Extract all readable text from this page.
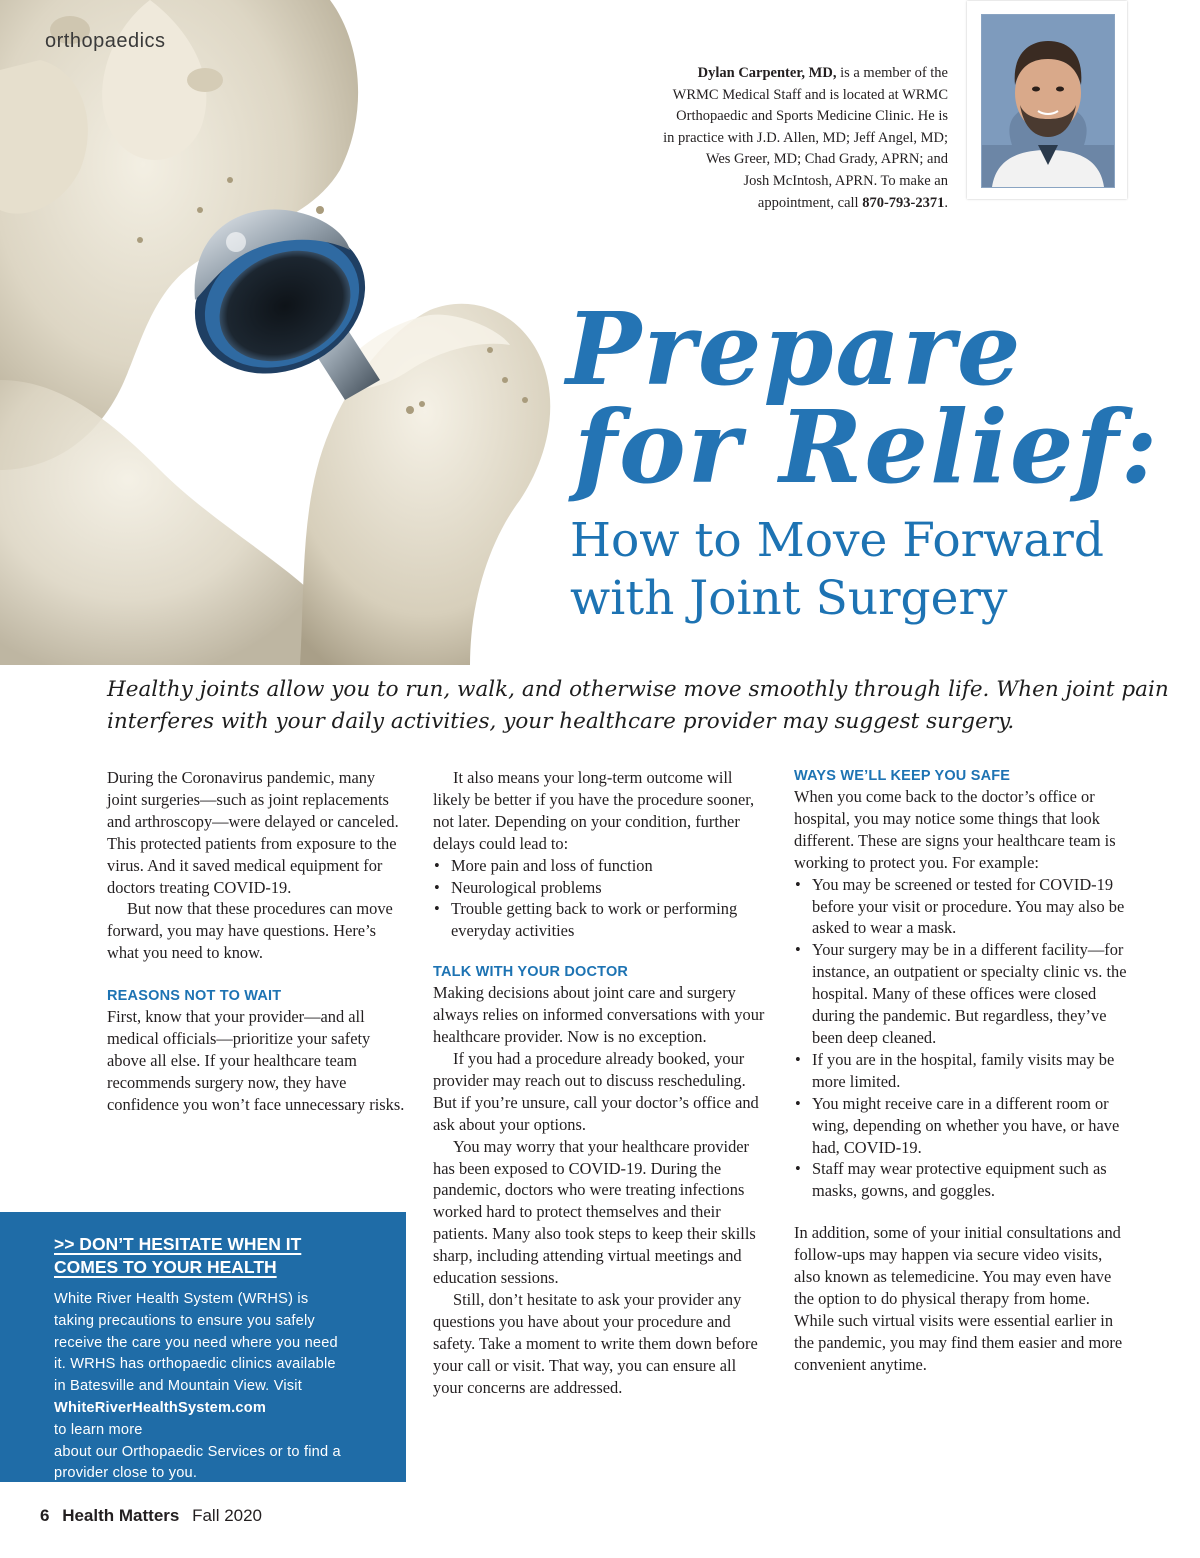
orthopaedics
Dylan Carpenter, MD, is a member of the
WRMC Medical Staff and is located at WRMC
Orthopaedic and Sports Medicine Clinic. He is
in practice with J.D. Allen, MD; Jeff Angel, MD;
Wes Greer, MD; Chad Grady, APRN; and
Josh McIntosh, APRN. To make an
appointment, call 870-793-2371.
Prepare
for Relief:
How to Move Forward
with Joint Surgery
Healthy joints allow you to run, walk, and otherwise move smoothly through life. When joint pain
interferes with your daily activities, your healthcare provider may suggest surgery.

During the Coronavirus pandemic, many joint surgeries—such as joint replacements and arthroscopy—were delayed or canceled. This protected patients from exposure to the virus. And it saved medical equipment for doctors treating COVID-19.

But now that these procedures can move forward, you may have questions. Here’s what you need to know.

REASONS NOT TO WAIT

First, know that your provider—and all medical officials—prioritize your safety above all else. If your healthcare team recommends surgery now, they have confidence you won’t face unnecessary risks.

It also means your long-term outcome will likely be better if you have the procedure sooner, not later. Depending on your condition, further delays could lead to:

• More pain and loss of function
• Neurological problems
• Trouble getting back to work or performing everyday activities
TALK WITH YOUR DOCTOR

Making decisions about joint care and surgery always relies on informed conversations with your healthcare provider. Now is no exception.

If you had a procedure already booked, your provider may reach out to discuss rescheduling. But if you’re unsure, call your doctor’s office and ask about your options.

You may worry that your healthcare provider has been exposed to COVID-19. During the pandemic, doctors who were treating infections worked hard to protect themselves and their patients. Many also took steps to keep their skills sharp, including attending virtual meetings and education sessions.

Still, don’t hesitate to ask your provider any questions you have about your procedure and safety. Take a moment to write them down before your call or visit. That way, you can ensure all your concerns are addressed.

WAYS WE’LL KEEP YOU SAFE

When you come back to the doctor’s office or hospital, you may notice some things that look different. These are signs your healthcare team is working to protect you. For example:

• You may be screened or tested for COVID-19 before your visit or procedure. You may also be asked to wear a mask.
• Your surgery may be in a different facility—for instance, an outpatient or specialty clinic vs. the hospital. Many of these offices were closed during the pandemic. But regardless, they’ve been deep cleaned.
• If you are in the hospital, family visits may be more limited.
• You might receive care in a different room or wing, depending on whether you have, or have had, COVID-19.
• Staff may wear protective equipment such as masks, gowns, and goggles.

In addition, some of your initial consultations and follow-ups may happen via secure video visits, also known as telemedicine. You may even have the option to do physical therapy from home. While such virtual visits were essential earlier in the pandemic, you may find them easier and more convenient anytime.

>> DON’T HESITATE WHEN IT
COMES TO YOUR HEALTH
White River Health System (WRHS) is
taking precautions to ensure you safely
receive the care you need where you need
it. WRHS has orthopaedic clinics available
in Batesville and Mountain View. Visit
WhiteRiverHealthSystem.com
to learn more
about our Orthopaedic Services or to find a
provider close to you.
6 Health Matters Fall 2020
